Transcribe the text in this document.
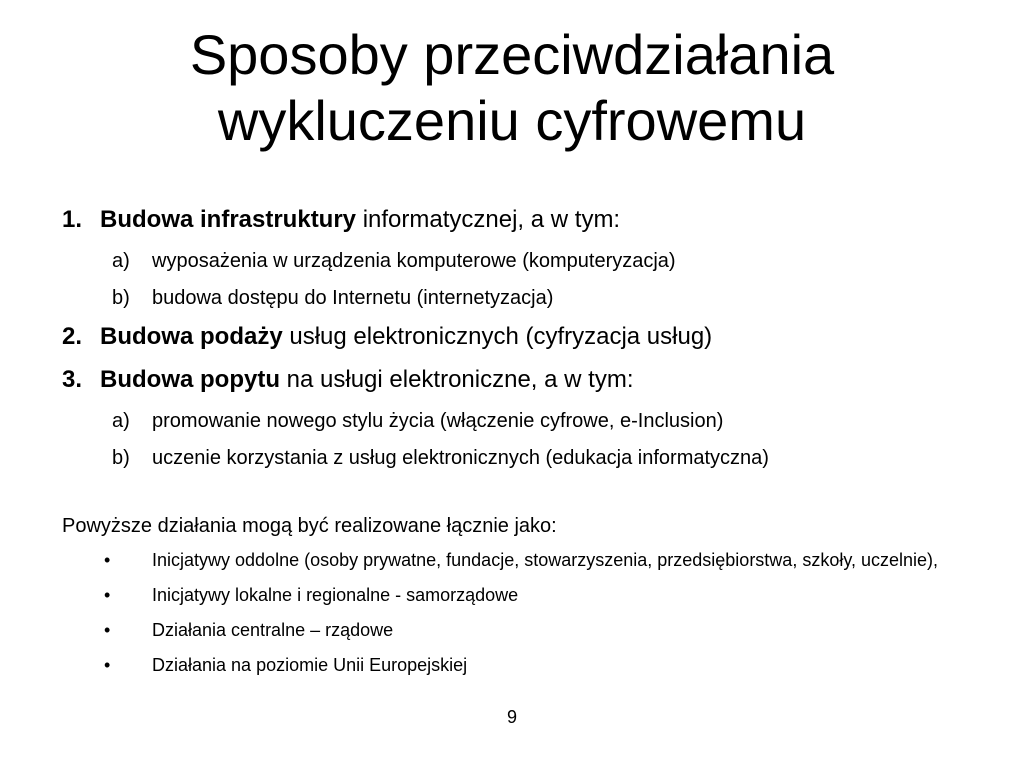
Sposoby przeciwdziałania
wykluczeniu cyfrowemu
1. Budowa infrastruktury informatycznej, a w tym:
a)	wyposażenia w urządzenia komputerowe (komputeryzacja)
b)	budowa dostępu do Internetu (internetyzacja)
2. Budowa podaży usług elektronicznych (cyfryzacja usług)
3. Budowa popytu na usługi elektroniczne, a w tym:
a)	promowanie nowego stylu życia (włączenie cyfrowe, e-Inclusion)
b)	uczenie korzystania z usług elektronicznych (edukacja informatyczna)
Powyższe działania mogą być realizowane łącznie jako:
•	Inicjatywy oddolne (osoby prywatne, fundacje, stowarzyszenia, przedsiębiorstwa, szkoły, uczelnie),
•	Inicjatywy lokalne i regionalne - samorządowe
•	Działania centralne – rządowe
•	Działania na poziomie Unii Europejskiej
9
